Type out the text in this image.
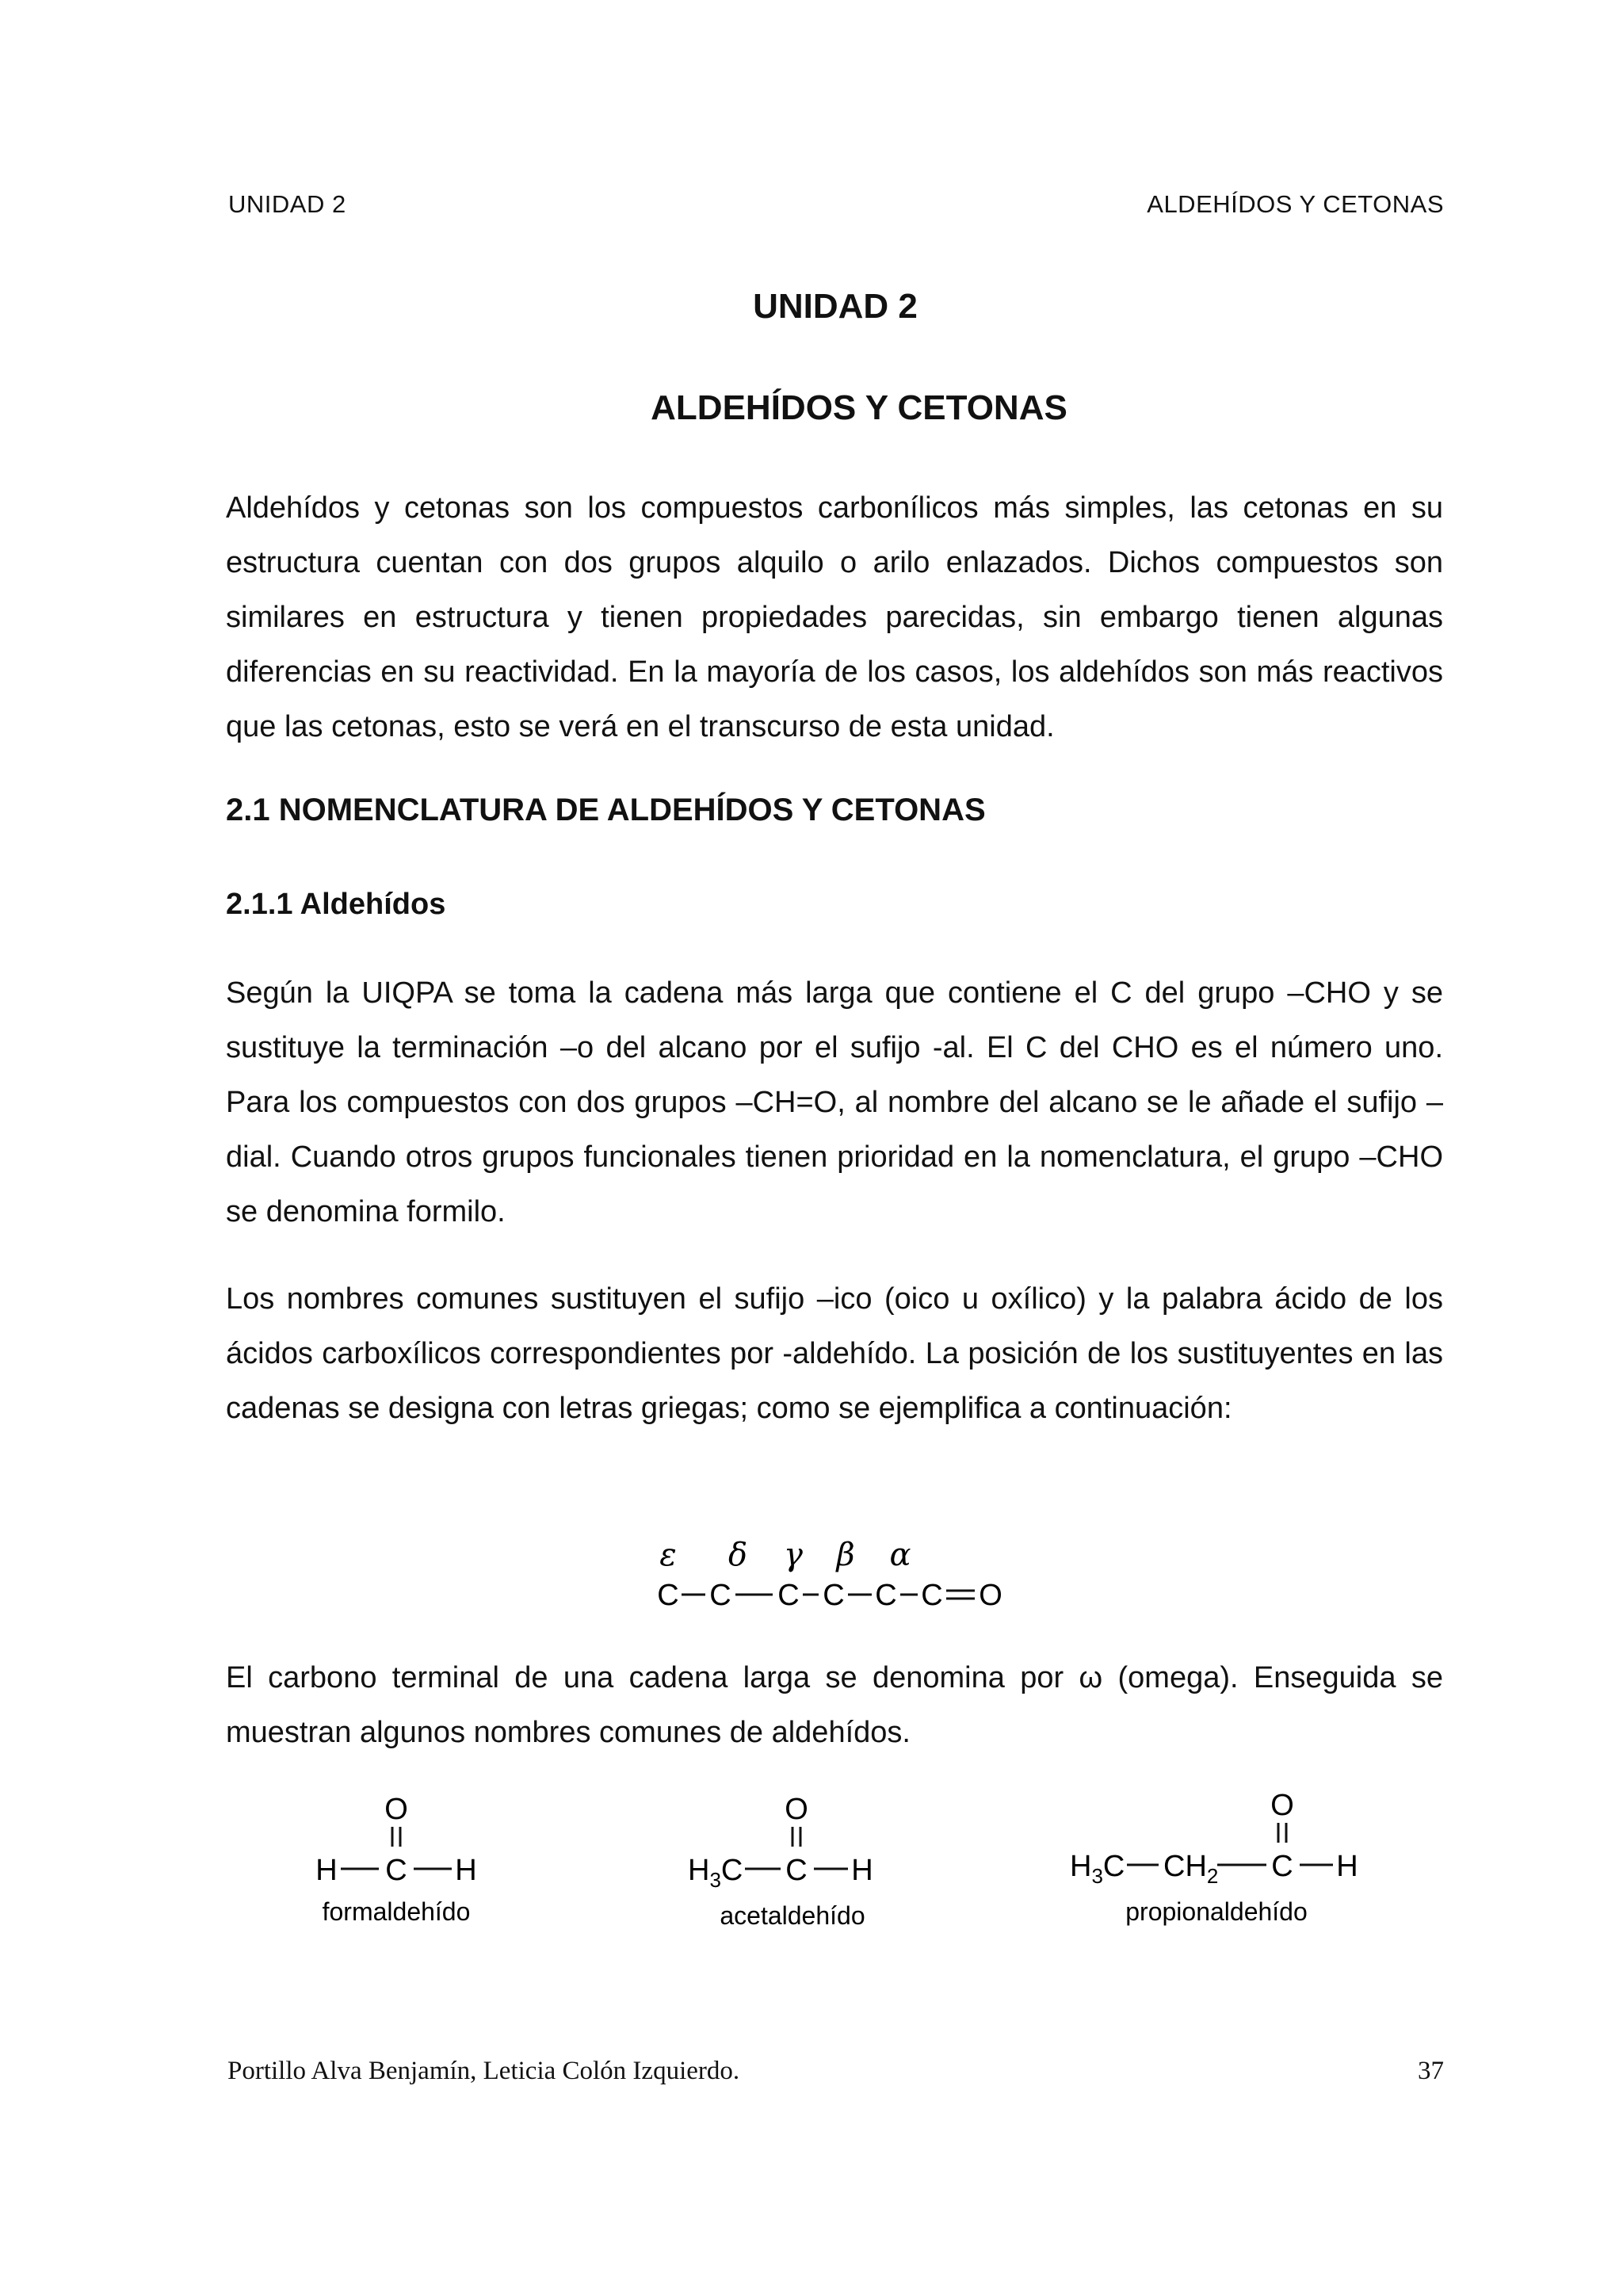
UNIDAD 2	ALDEHÍDOS Y CETONAS
UNIDAD 2
ALDEHÍDOS Y CETONAS

Aldehídos y cetonas son los compuestos carbonílicos más simples, las cetonas en su estructura cuentan con dos grupos alquilo o arilo enlazados. Dichos compuestos son similares en estructura y tienen propiedades parecidas, sin embargo tienen algunas diferencias en su reactividad. En la mayoría de los casos, los aldehídos son más reactivos que las cetonas, esto se verá en el transcurso de esta unidad.

2.1 NOMENCLATURA DE ALDEHÍDOS Y CETONAS
2.1.1 Aldehídos

Según la UIQPA se toma la cadena más larga que contiene el C del grupo –CHO y se sustituye la terminación –o del alcano por el sufijo -al. El C del CHO es el número uno. Para los compuestos con dos grupos –CH=O, al nombre del alcano se le añade el sufijo –dial. Cuando otros grupos funcionales tienen prioridad en la nomenclatura, el grupo –CHO se denomina formilo.

Los nombres comunes sustituyen el sufijo –ico (oico u oxílico) y la palabra ácido de los ácidos carboxílicos correspondientes por -aldehído. La posición de los sustituyentes en las cadenas se designa con letras griegas; como se ejemplifica a continuación:

ε δ γ β α
C C C C C C O

El carbono terminal de una cadena larga se denomina por ω (omega). Enseguida se muestran algunos nombres comunes de aldehídos.

O
H C H
formaldehído
O
$H_3C$ C H
acetaldehído
O
$H_3C$ $CH_2$ C H
propionaldehído
Portillo Alva Benjamín, Leticia Colón Izquierdo.	37
